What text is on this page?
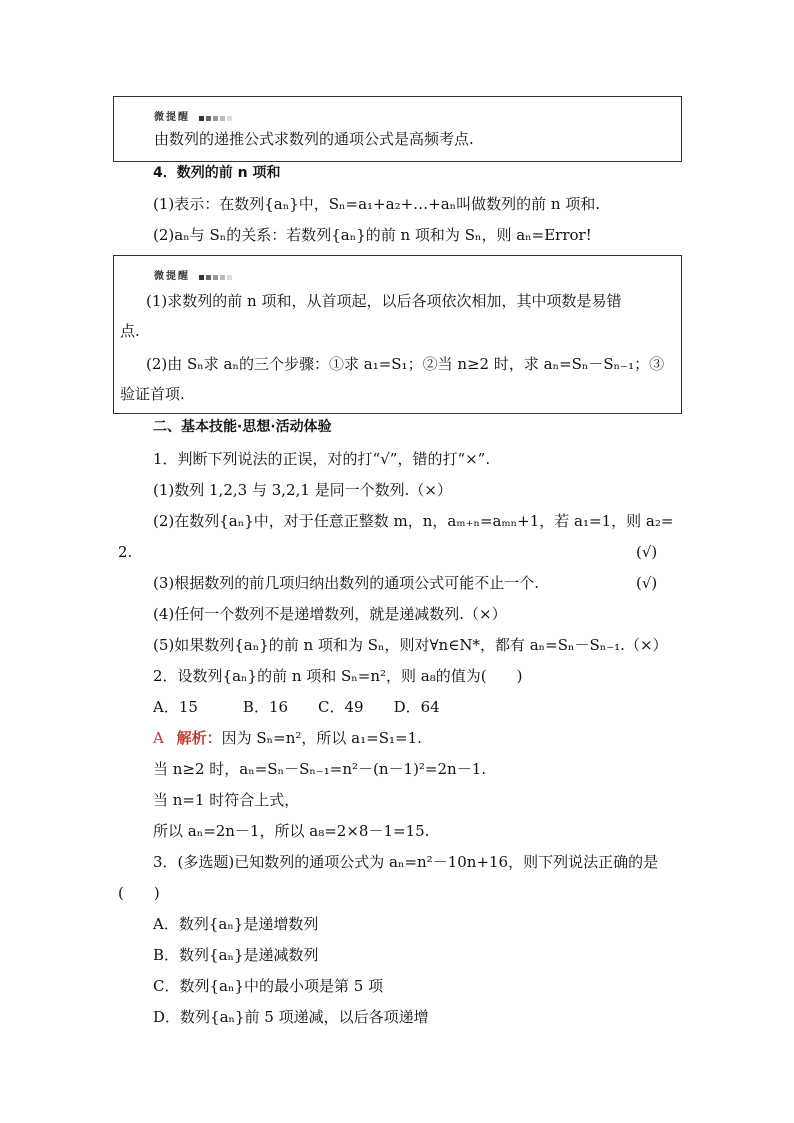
微提醒
由数列的递推公式求数列的通项公式是高频考点.
4．数列的前 n 项和
(1)表示：在数列{aₙ}中，Sₙ=a₁+a₂+…+aₙ叫做数列的前 n 项和.
(2)aₙ与 Sₙ的关系：若数列{aₙ}的前 n 项和为 Sₙ，则 aₙ=Error!
微提醒
(1)求数列的前 n 项和，从首项起，以后各项依次相加，其中项数是易错
点.
(2)由 Sₙ求 aₙ的三个步骤：①求 a₁=S₁；②当 n≥2 时，求 aₙ=Sₙ－Sₙ₋₁；③
验证首项.
二、基本技能·思想·活动体验
1．判断下列说法的正误，对的打“√”，错的打“×”.
(1)数列 1,2,3 与 3,2,1 是同一个数列.（×）
(2)在数列{aₙ}中，对于任意正整数 m，n，aₘ₊ₙ=aₘₙ+1，若 a₁=1，则 a₂=
2.	(√)
(3)根据数列的前几项归纳出数列的通项公式可能不止一个.	(√)
(4)任何一个数列不是递增数列，就是递减数列.（×）
(5)如果数列{aₙ}的前 n 项和为 Sₙ，则对∀n∈N*，都有 aₙ=Sₙ－Sₙ₋₁.（×）
2．设数列{aₙ}的前 n 项和 Sₙ=n²，则 a₈的值为(　　)
A．15　　　B．16　　C．49　　D．64
A 解析：因为 Sₙ=n²，所以 a₁=S₁=1.
当 n≥2 时，aₙ=Sₙ－Sₙ₋₁=n²－(n－1)²=2n－1.
当 n=1 时符合上式，
所以 aₙ=2n－1，所以 a₈=2×8－1=15.
3．(多选题)已知数列的通项公式为 aₙ=n²－10n+16，则下列说法正确的是
(　　)
A．数列{aₙ}是递增数列
B．数列{aₙ}是递减数列
C．数列{aₙ}中的最小项是第 5 项
D．数列{aₙ}前 5 项递减，以后各项递增
